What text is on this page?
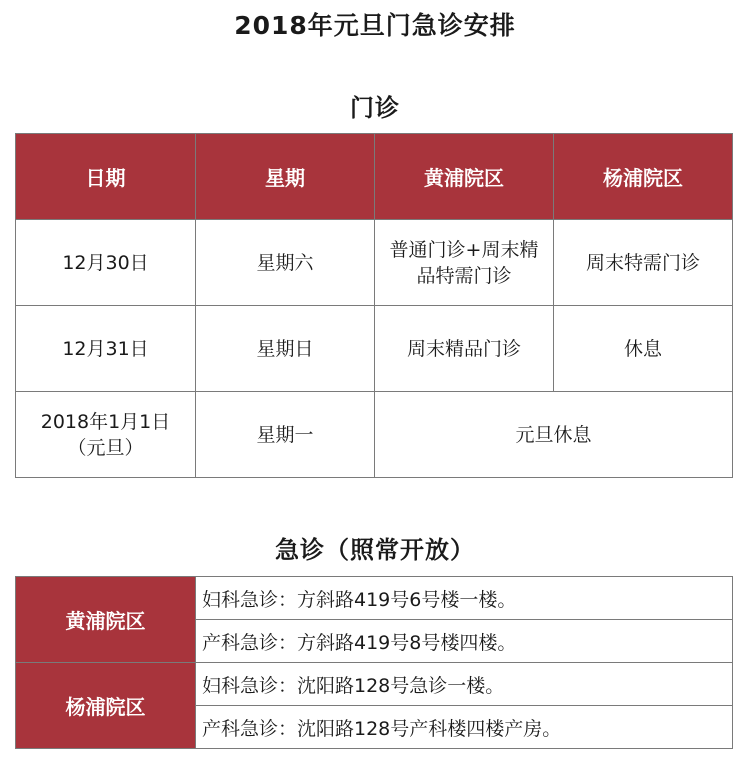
2018年元旦门急诊安排
门诊
日期	星期	黄浦院区	杨浦院区
12月30日	星期六	普通门诊+周末精品特需门诊	周末特需门诊
12月31日	星期日	周末精品门诊	休息
2018年1月1日（元旦）	星期一	元旦休息	
急诊（照常开放）
黄浦院区	妇科急诊：方斜路419号6号楼一楼。
	产科急诊：方斜路419号8号楼四楼。
杨浦院区	妇科急诊：沈阳路128号急诊一楼。
	产科急诊：沈阳路128号产科楼四楼产房。
